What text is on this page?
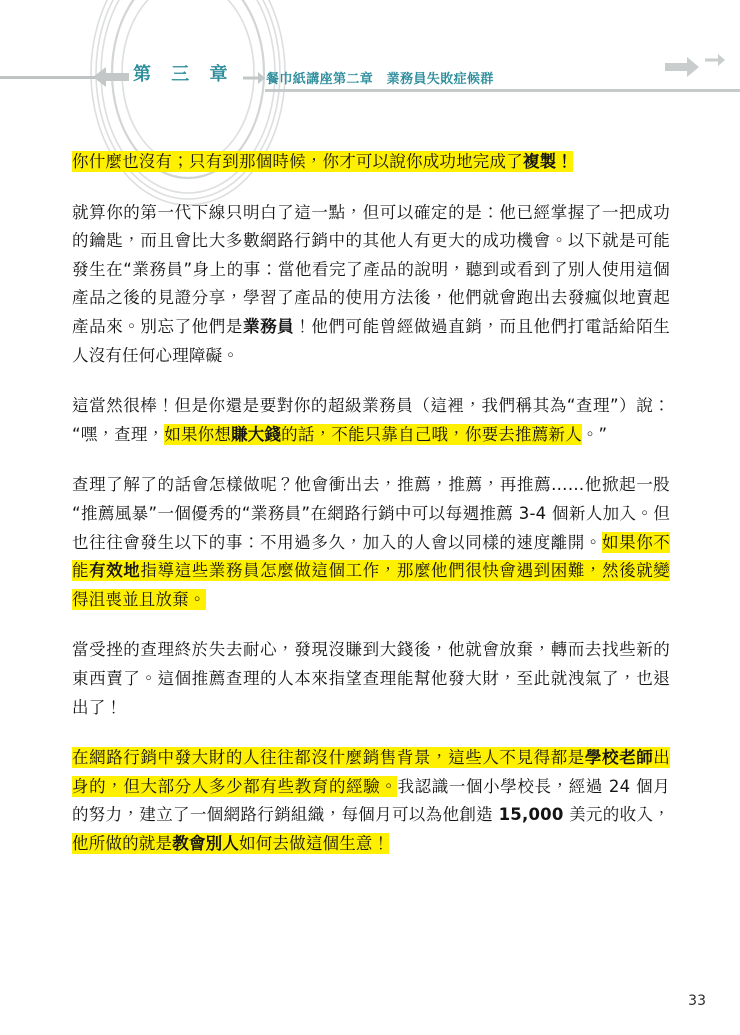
第 三 章 餐巾紙講座第二章　業務員失敗症候群

你什麼也沒有；只有到那個時候，你才可以說你成功地完成了複製！

就算你的第一代下線只明白了這一點，但可以確定的是：他已經掌握了一把成功的鑰匙，而且會比大多數網路行銷中的其他人有更大的成功機會。以下就是可能發生在“業務員”身上的事：當他看完了產品的說明，聽到或看到了別人使用這個產品之後的見證分享，學習了產品的使用方法後，他們就會跑出去發瘋似地賣起產品來。別忘了他們是業務員！他們可能曾經做過直銷，而且他們打電話給陌生人沒有任何心理障礙。

這當然很棒！但是你還是要對你的超級業務員（這裡，我們稱其為“查理”）說：“嘿，查理，如果你想賺大錢的話，不能只靠自己哦，你要去推薦新人。”

查理了解了的話會怎樣做呢？他會衝出去，推薦，推薦，再推薦……他掀起一股“推薦風暴”一個優秀的“業務員”在網路行銷中可以每週推薦 3-4 個新人加入。但也往往會發生以下的事：不用過多久，加入的人會以同樣的速度離開。如果你不能有效地指導這些業務員怎麼做這個工作，那麼他們很快會遇到困難，然後就變得沮喪並且放棄。

當受挫的查理終於失去耐心，發現沒賺到大錢後，他就會放棄，轉而去找些新的東西賣了。這個推薦查理的人本來指望查理能幫他發大財，至此就洩氣了，也退出了！

在網路行銷中發大財的人往往都沒什麼銷售背景，這些人不見得都是學校老師出身的，但大部分人多少都有些教育的經驗。我認識一個小學校長，經過 24 個月的努力，建立了一個網路行銷組織，每個月可以為他創造 15,000 美元的收入，他所做的就是教會別人如何去做這個生意！

33
